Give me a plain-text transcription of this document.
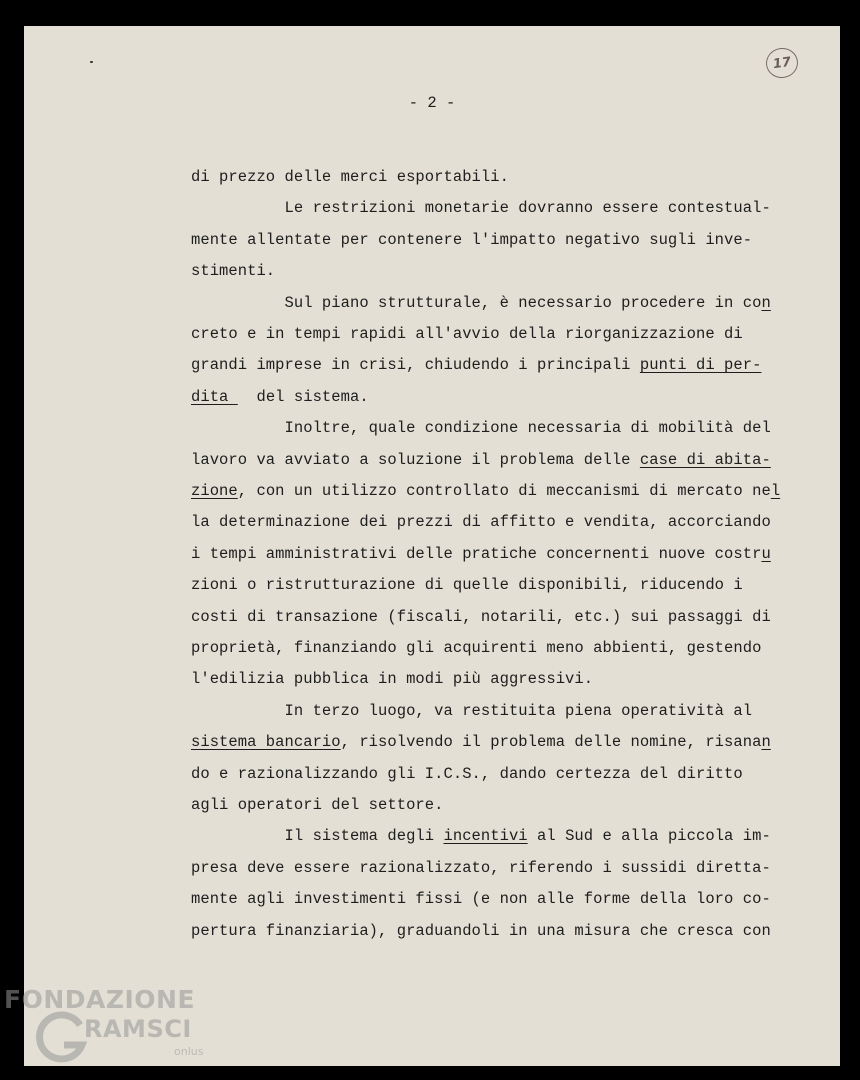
17
- 2 -
di prezzo delle merci esportabili.
Le restrizioni monetarie dovranno essere contestual-
mente allentate per contenere l'impatto negativo sugli inve-
stimenti.
Sul piano strutturale, è necessario procedere in con
creto e in tempi rapidi all'avvio della riorganizzazione di
grandi imprese in crisi, chiudendo i principali punti di per-
dita   del sistema.
Inoltre, quale condizione necessaria di mobilità del
lavoro va avviato a soluzione il problema delle case di abita-
zione, con un utilizzo controllato di meccanismi di mercato nel
la determinazione dei prezzi di affitto e vendita, accorciando
i tempi amministrativi delle pratiche concernenti nuove costru
zioni o ristrutturazione di quelle disponibili, riducendo i
costi di transazione (fiscali, notarili, etc.) sui passaggi di
proprietà, finanziando gli acquirenti meno abbienti, gestendo
l'edilizia pubblica in modi più aggressivi.
In terzo luogo, va restituita piena operatività al
sistema bancario, risolvendo il problema delle nomine, risanan
do e razionalizzando gli I.C.S., dando certezza del diritto
agli operatori del settore.
Il sistema degli incentivi al Sud e alla piccola im-
presa deve essere razionalizzato, riferendo i sussidi diretta-
mente agli investimenti fissi (e non alle forme della loro co-
pertura finanziaria), graduandoli in una misura che cresca con
FONDAZIONE
RAMSCI
onlus
